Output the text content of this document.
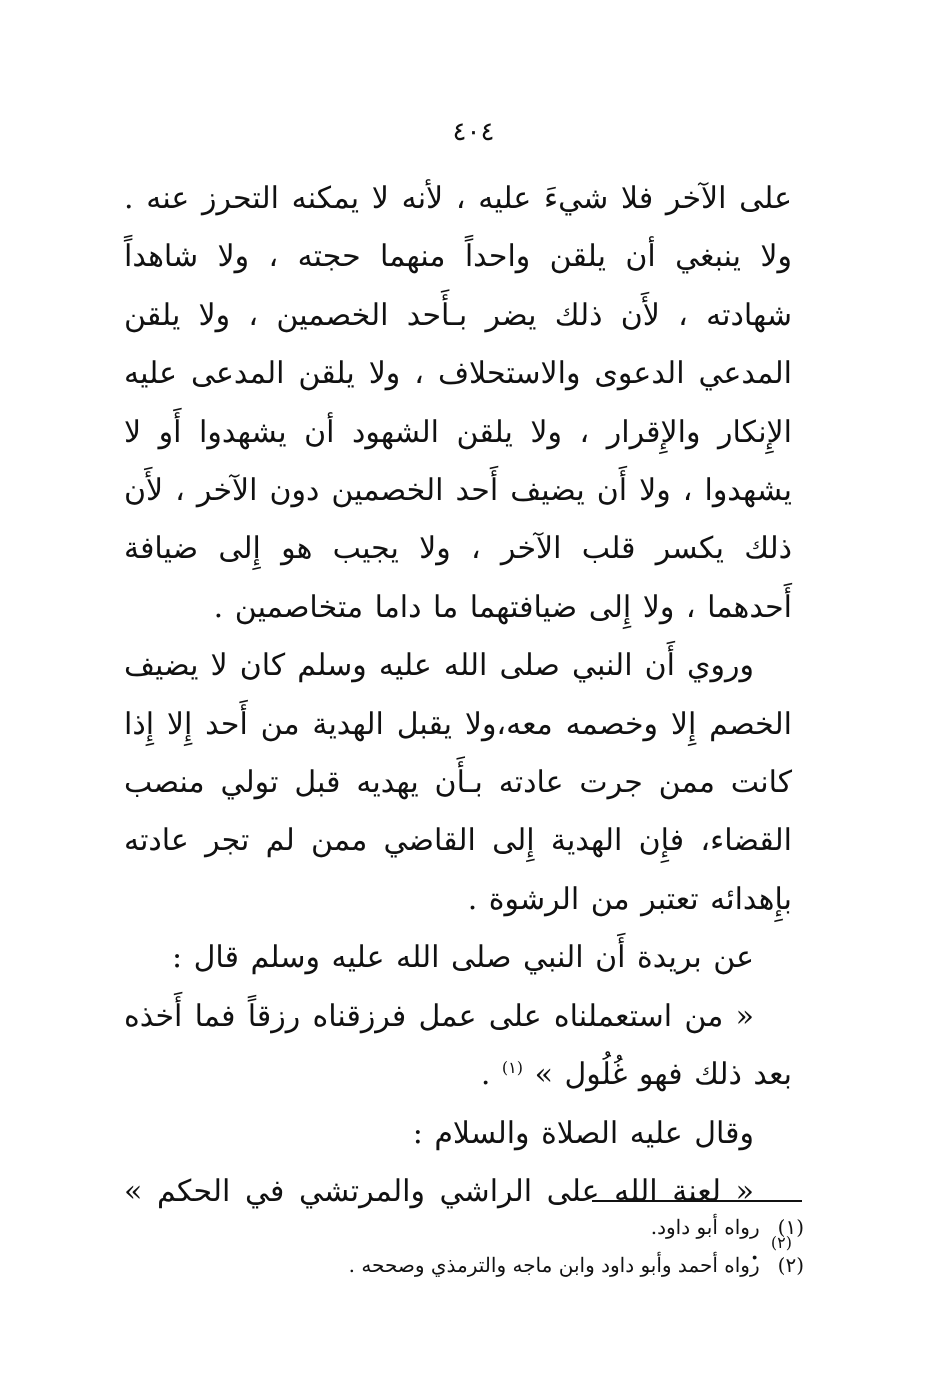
٤٠٤

على الآخر فلا شيءَ عليه ، لأنه لا يمكنه التحرز عنه . ولا ينبغي أن يلقن واحداً منهما حجته ، ولا شاهداً شهادته ، لأَن ذلك يضر بـأَحد الخصمين ، ولا يلقن المدعي الدعوى والاستحلاف ، ولا يلقن المدعى عليه الإِنكار والإِقرار ، ولا يلقن الشهود أن يشهدوا أَو لا يشهدوا ، ولا أَن يضيف أَحد الخصمين دون الآخر ، لأَن ذلك يكسر قلب الآخر ، ولا يجيب هو إِلى ضيافة أَحدهما ، ولا إِلى ضيافتهما ما داما متخاصمين .

وروي أَن النبي صلى الله عليه وسلم كان لا يضيف الخصم إِلا وخصمه معه،ولا يقبل الهدية من أَحد إِلا إِذا كانت ممن جرت عادته بـأَن يهديه قبل تولي منصب القضاء، فإِن الهدية إِلى القاضي ممن لم تجر عادته بإِهدائه تعتبر من الرشوة .

عن بريدة أَن النبي صلى الله عليه وسلم قال :

« من استعملناه على عمل فرزقناه رزقاً فما أَخذه بعد ذلك فهو غُلُول » $^{(١)}$ .

وقال عليه الصلاة والسلام :

« لعنة الله على الراشي والمرتشي في الحكم » $^{(٢)}$ .

(١)رواه أبو داود.

(٢)رواه أحمد وأبو داود وابن ماجه والترمذي وصححه .
